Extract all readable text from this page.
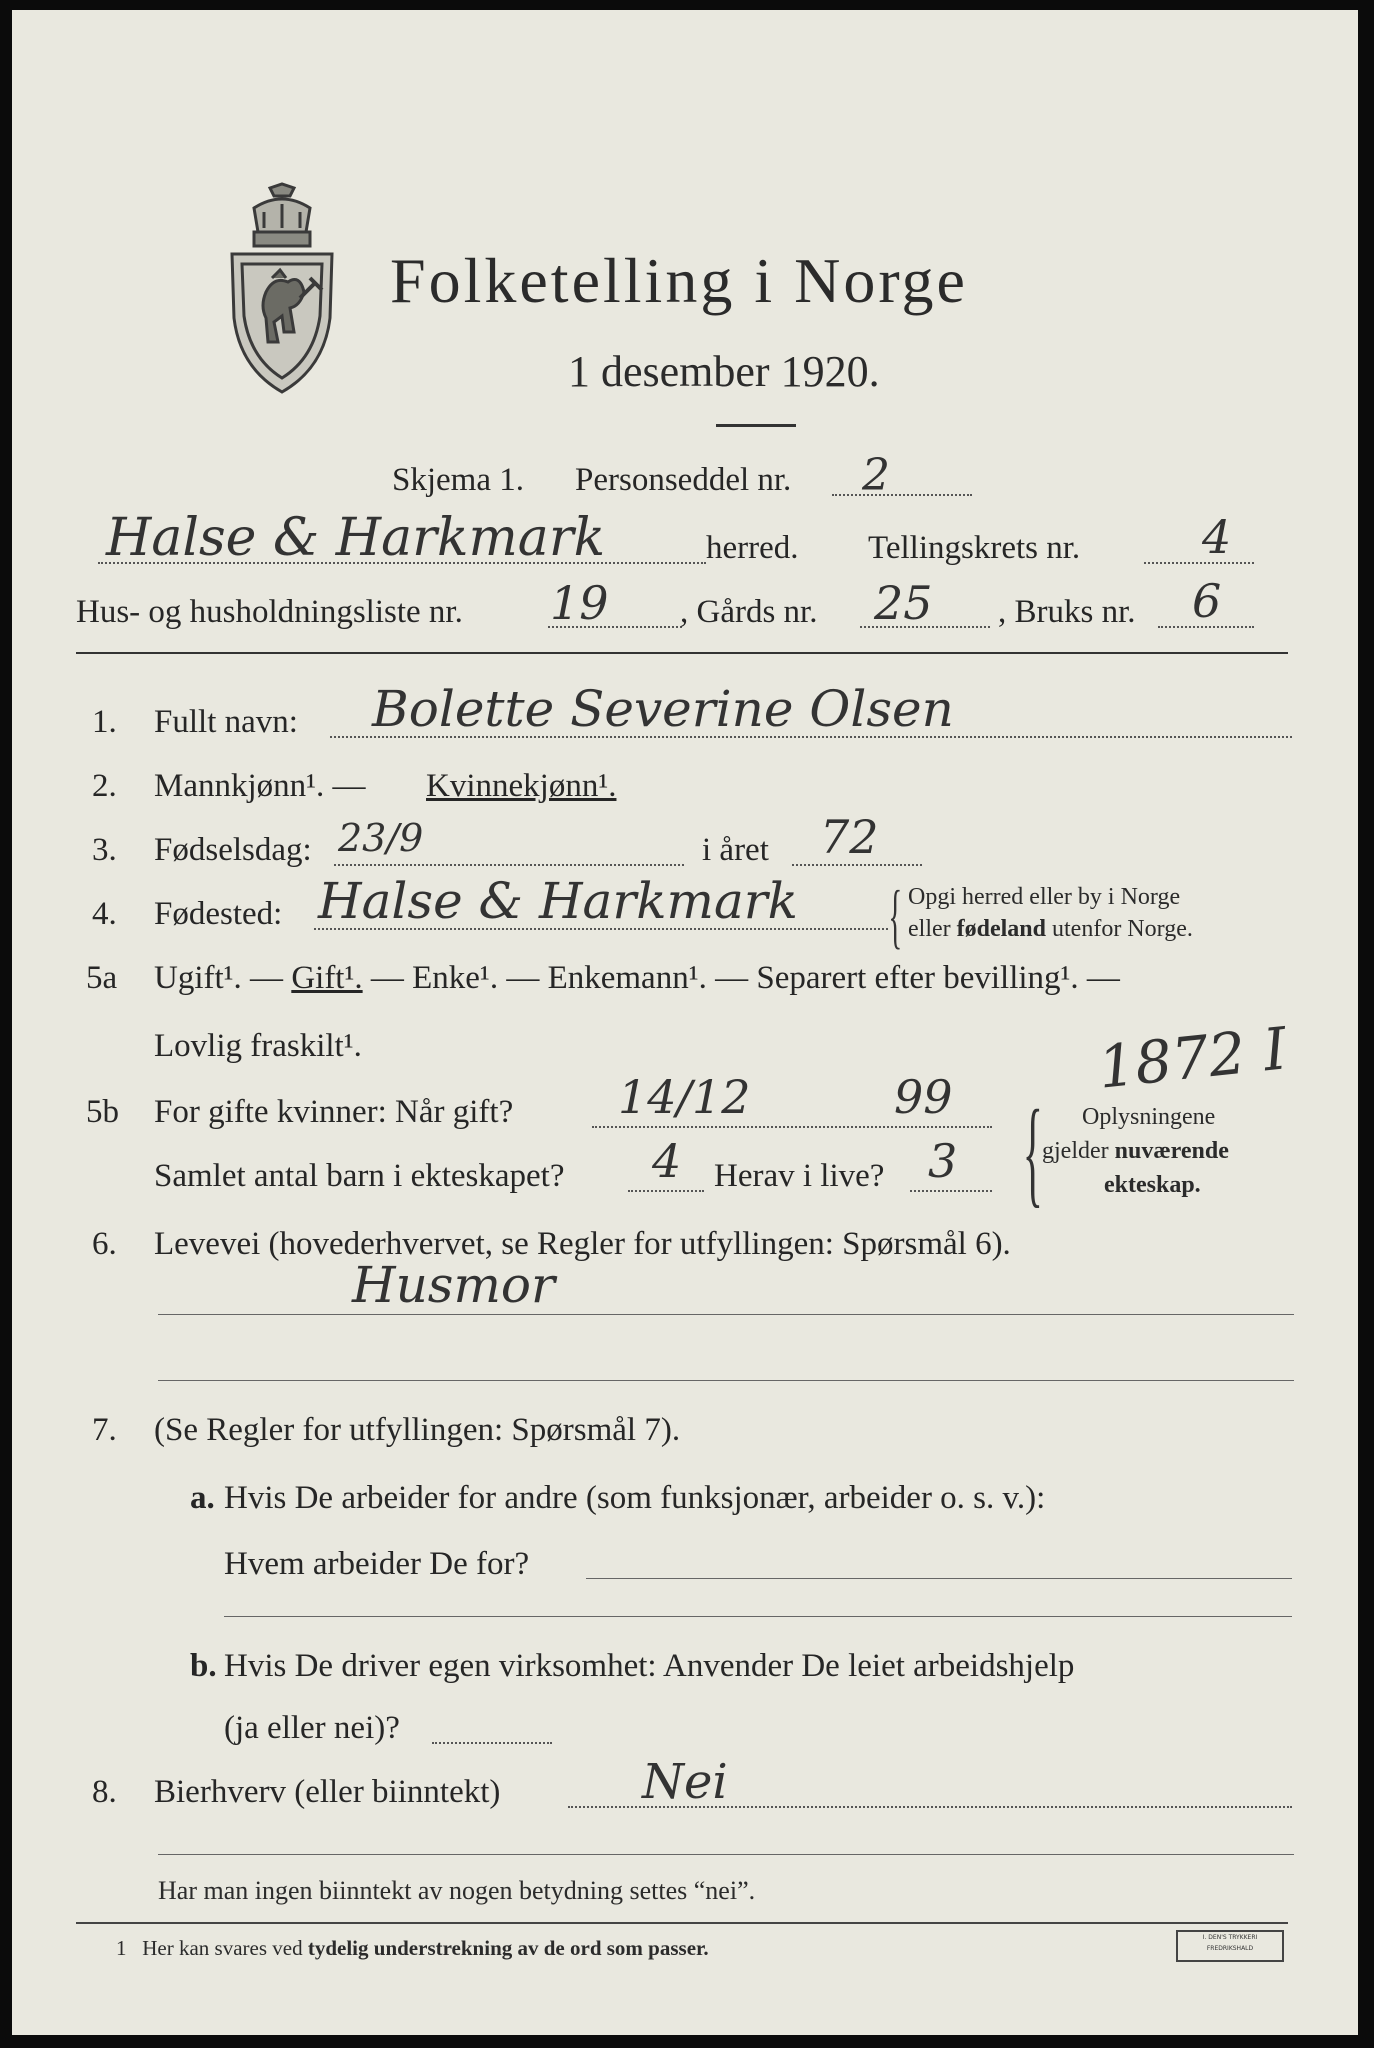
Folketelling i Norge
1 desember 1920.
Skjema 1. Personseddel nr. 2
Halse & Harkmark	herred. Tellingskrets nr.	4
Hus- og husholdningsliste nr. 19 , Gårds nr. 25 , Bruks nr. 6
1. Fullt navn: Bolette Severine Olsen
2. Mannkjønn¹. — Kvinnekjønn¹.
3. Fødselsdag: 23/9	i året 72
4. Fødested: Halse & Harkmark { Opgi herred eller by i Norge
eller fødeland utenfor Norge.
5a Ugift¹. — Gift¹. — Enke¹. — Enkemann¹. — Separert efter bevilling¹. —
Lovlig fraskilt¹.	1872 I
5b For gifte kvinner: Når gift? 14/12	99
Samlet antal barn i ekteskapet? 4 Herav i live? 3 { Oplysningene
gjelder nuværende
ekteskap.
6. Levevei (hovederhvervet, se Regler for utfyllingen: Spørsmål 6).
Husmor
7. (Se Regler for utfyllingen: Spørsmål 7).
a. Hvis De arbeider for andre (som funksjonær, arbeider o. s. v.):
Hvem arbeider De for?
b. Hvis De driver egen virksomhet: Anvender De leiet arbeidshjelp
(ja eller nei)?
8. Bierhverv (eller biinntekt)	Nei
Har man ingen biinntekt av nogen betydning settes “nei”.
1 Her kan svares ved tydelig understrekning av de ord som passer.	I. DEN'S TRYKKERI
FREDRIKSHALD
